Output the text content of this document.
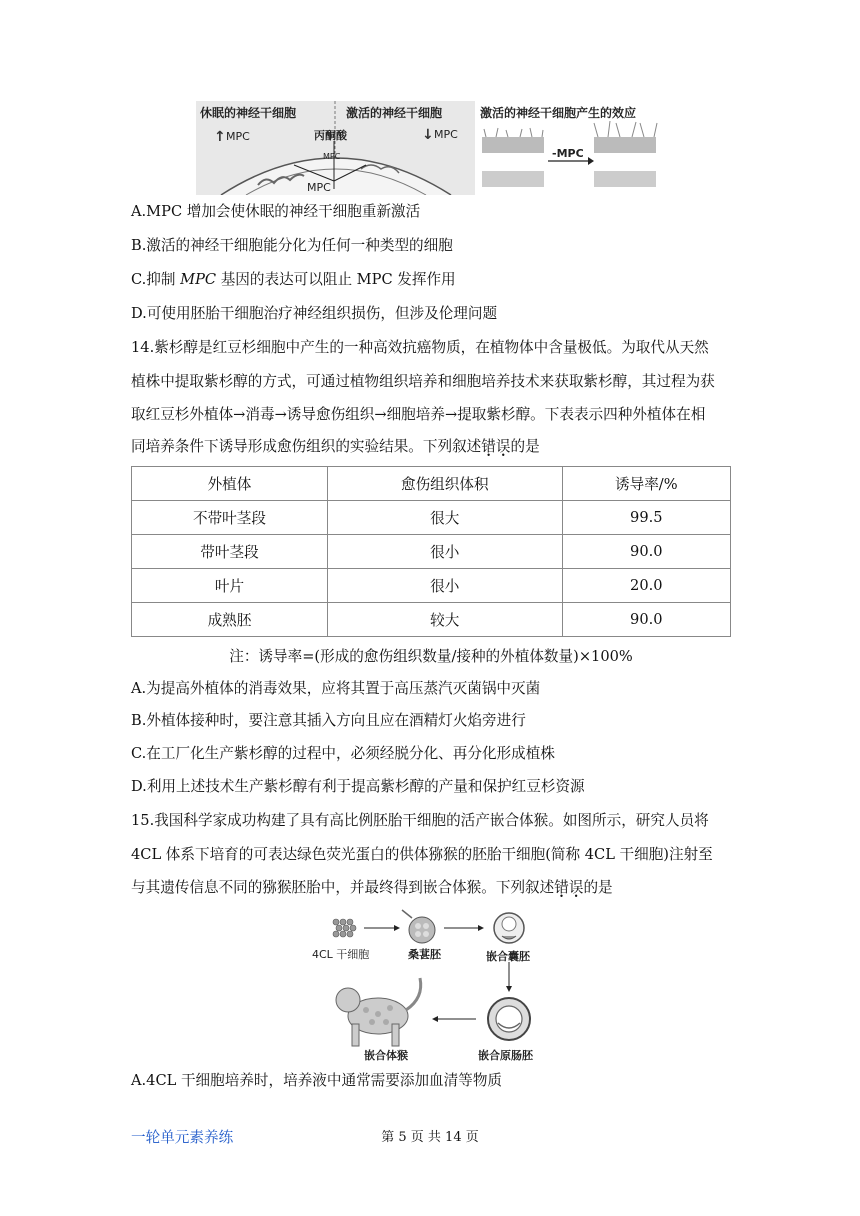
休眠的神经干细胞	激活的神经干细胞
↑ MPC	↓ MPC
丙酮酸
MPC
MPC
激活的神经干细胞产生的效应
-MPC
A.MPC 增加会使休眠的神经干细胞重新激活
B.激活的神经干细胞能分化为任何一种类型的细胞
C.抑制 MPC 基因的表达可以阻止 MPC 发挥作用
D.可使用胚胎干细胞治疗神经组织损伤，但涉及伦理问题
14.紫杉醇是红豆杉细胞中产生的一种高效抗癌物质，在植物体中含量极低。为取代从天然
植株中提取紫杉醇的方式，可通过植物组织培养和细胞培养技术来获取紫杉醇，其过程为获
取红豆杉外植体→消毒→诱导愈伤组织→细胞培养→提取紫杉醇。下表表示四种外植体在相
同培养条件下诱导形成愈伤组织的实验结果。下列叙述错误的是
外植体	愈伤组织体积	诱导率/%
不带叶茎段	很大	99.5
带叶茎段	很小	90.0
叶片	很小	20.0
成熟胚	较大	90.0
注：诱导率=(形成的愈伤组织数量/接种的外植体数量)×100%
A.为提高外植体的消毒效果，应将其置于高压蒸汽灭菌锅中灭菌
B.外植体接种时，要注意其插入方向且应在酒精灯火焰旁进行
C.在工厂化生产紫杉醇的过程中，必须经脱分化、再分化形成植株
D.利用上述技术生产紫杉醇有利于提高紫杉醇的产量和保护红豆杉资源
15.我国科学家成功构建了具有高比例胚胎干细胞的活产嵌合体猴。如图所示，研究人员将
4CL 体系下培育的可表达绿色荧光蛋白的供体猕猴的胚胎干细胞(简称 4CL 干细胞)注射至
与其遗传信息不同的猕猴胚胎中，并最终得到嵌合体猴。下列叙述错误的是
4CL 干细胞	桑葚胚	嵌合囊胚
嵌合原肠胚
嵌合体猴
A.4CL 干细胞培养时，培养液中通常需要添加血清等物质
一轮单元素养练	第 5 页 共 14 页
